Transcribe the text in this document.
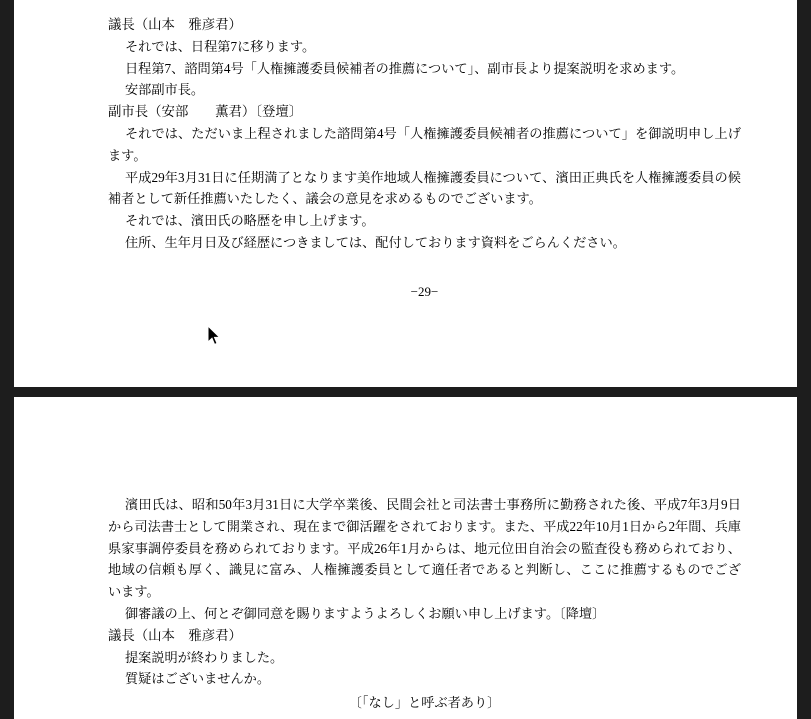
議長（山本　雅彦君）
それでは、日程第7に移ります。
日程第7、諮問第4号「人権擁護委員候補者の推薦について」、副市長より提案説明を求めます。
安部副市長。
副市長（安部　　薫君）〔登壇〕
それでは、ただいま上程されました諮問第4号「人権擁護委員候補者の推薦について」を御説明申し上げます。
平成29年3月31日に任期満了となります美作地域人権擁護委員について、濱田正典氏を人権擁護委員の候補者として新任推薦いたしたく、議会の意見を求めるものでございます。
それでは、濱田氏の略歴を申し上げます。
住所、生年月日及び経歴につきましては、配付しております資料をごらんください。
−29−
濱田氏は、昭和50年3月31日に大学卒業後、民間会社と司法書士事務所に勤務された後、平成7年3月9日から司法書士として開業され、現在まで御活躍をされております。また、平成22年10月1日から2年間、兵庫県家事調停委員を務められております。平成26年1月からは、地元位田自治会の監査役も務められており、地域の信頼も厚く、識見に富み、人権擁護委員として適任者であると判断し、ここに推薦するものでございます。
御審議の上、何とぞ御同意を賜りますようよろしくお願い申し上げます。〔降壇〕
議長（山本　雅彦君）
提案説明が終わりました。
質疑はございませんか。
〔「なし」と呼ぶ者あり〕
